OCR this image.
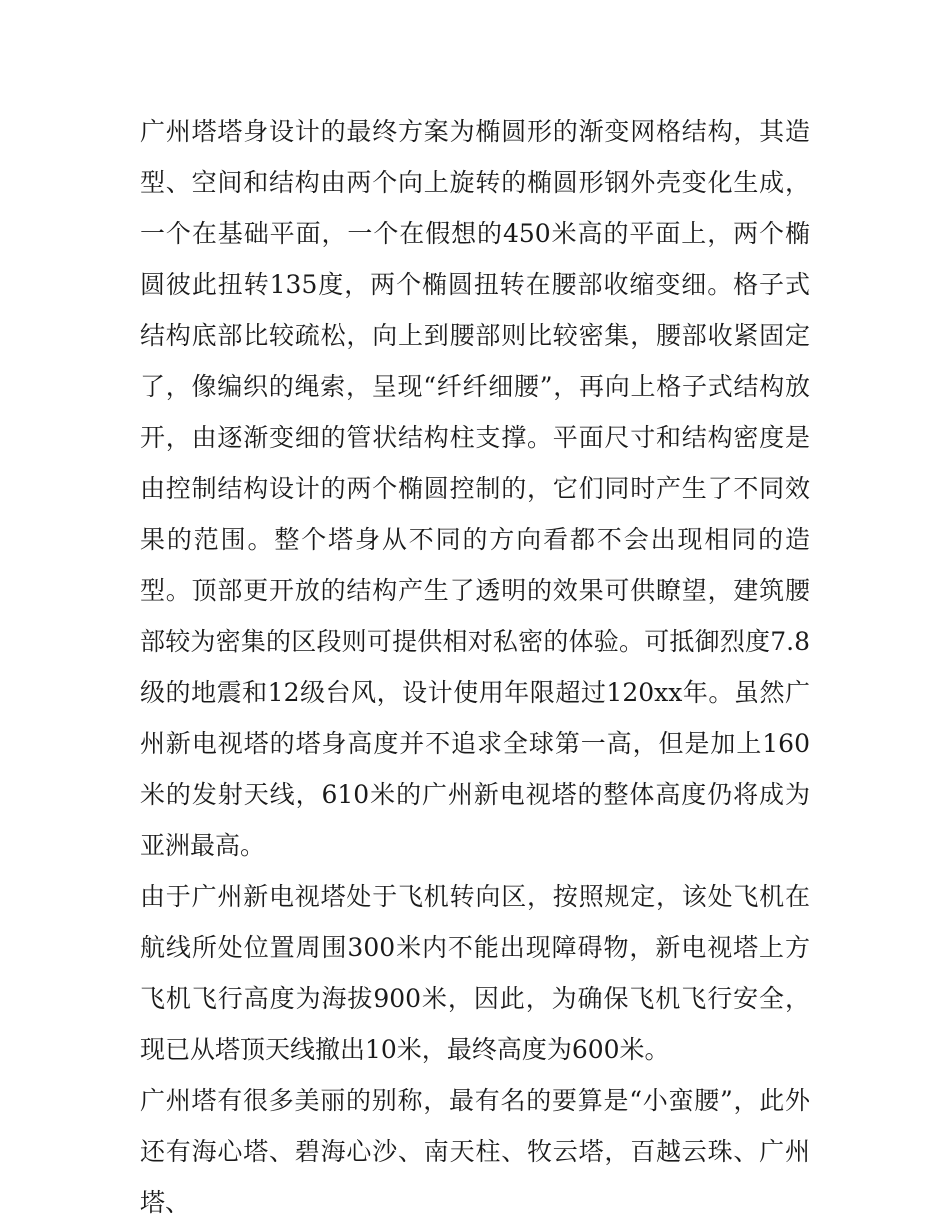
广州塔塔身设计的最终方案为椭圆形的渐变网格结构，其造型、空间和结构由两个向上旋转的椭圆形钢外壳变化生成，一个在基础平面，一个在假想的450米高的平面上，两个椭圆彼此扭转135度，两个椭圆扭转在腰部收缩变细。格子式结构底部比较疏松，向上到腰部则比较密集，腰部收紧固定了，像编织的绳索，呈现“纤纤细腰”，再向上格子式结构放开，由逐渐变细的管状结构柱支撑。平面尺寸和结构密度是由控制结构设计的两个椭圆控制的，它们同时产生了不同效果的范围。整个塔身从不同的方向看都不会出现相同的造型。顶部更开放的结构产生了透明的效果可供瞭望，建筑腰部较为密集的区段则可提供相对私密的体验。可抵御烈度7.8级的地震和12级台风，设计使用年限超过120xx年。虽然广州新电视塔的塔身高度并不追求全球第一高，但是加上160米的发射天线，610米的广州新电视塔的整体高度仍将成为亚洲最高。

由于广州新电视塔处于飞机转向区，按照规定，该处飞机在航线所处位置周围300米内不能出现障碍物，新电视塔上方飞机飞行高度为海拔900米，因此，为确保飞机飞行安全，现已从塔顶天线撤出10米，最终高度为600米。

广州塔有很多美丽的别称，最有名的要算是“小蛮腰”，此外还有海心塔、碧海心沙、南天柱、牧云塔，百越云珠、广州塔、
